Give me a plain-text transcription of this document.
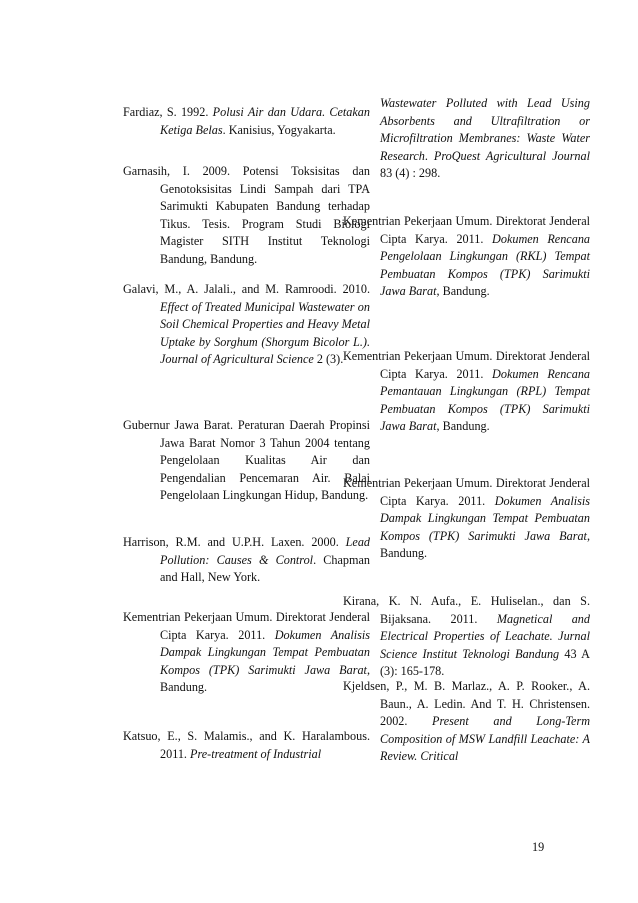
Fardiaz, S. 1992. Polusi Air dan Udara. Cetakan Ketiga Belas. Kanisius, Yogyakarta.
Garnasih, I. 2009. Potensi Toksisitas dan Genotoksisitas Lindi Sampah dari TPA Sarimukti Kabupaten Bandung terhadap Tikus. Tesis. Program Studi Biologi Magister SITH Institut Teknologi Bandung, Bandung.
Galavi, M., A. Jalali., and M. Ramroodi. 2010. Effect of Treated Municipal Wastewater on Soil Chemical Properties and Heavy Metal Uptake by Sorghum (Shorgum Bicolor L.). Journal of Agricultural Science 2 (3).
Gubernur Jawa Barat. Peraturan Daerah Propinsi Jawa Barat Nomor 3 Tahun 2004 tentang Pengelolaan Kualitas Air dan Pengendalian Pencemaran Air. Balai Pengelolaan Lingkungan Hidup, Bandung.
Harrison, R.M. and U.P.H. Laxen. 2000. Lead Pollution: Causes & Control. Chapman and Hall, New York.
Kementrian Pekerjaan Umum. Direktorat Jenderal Cipta Karya. 2011. Dokumen Analisis Dampak Lingkungan Tempat Pembuatan Kompos (TPK) Sarimukti Jawa Barat, Bandung.
Katsuo, E., S. Malamis., and K. Haralambous. 2011. Pre-treatment of Industrial
Wastewater Polluted with Lead Using Absorbents and Ultrafiltration or Microfiltration Membranes: Waste Water Research. ProQuest Agricultural Journal 83 (4) : 298.
Kementrian Pekerjaan Umum. Direktorat Jenderal Cipta Karya. 2011. Dokumen Rencana Pengelolaan Lingkungan (RKL) Tempat Pembuatan Kompos (TPK) Sarimukti Jawa Barat, Bandung.
Kementrian Pekerjaan Umum. Direktorat Jenderal Cipta Karya. 2011. Dokumen Rencana Pemantauan Lingkungan (RPL) Tempat Pembuatan Kompos (TPK) Sarimukti Jawa Barat, Bandung.
Kementrian Pekerjaan Umum. Direktorat Jenderal Cipta Karya. 2011. Dokumen Analisis Dampak Lingkungan Tempat Pembuatan Kompos (TPK) Sarimukti Jawa Barat, Bandung.
Kirana, K. N. Aufa., E. Huliselan., dan S. Bijaksana. 2011. Magnetical and Electrical Properties of Leachate. Jurnal Science Institut Teknologi Bandung 43 A (3): 165-178.
Kjeldsen, P., M. B. Marlaz., A. P. Rooker., A. Baun., A. Ledin. And T. H. Christensen. 2002. Present and Long-Term Composition of MSW Landfill Leachate: A Review. Critical
19
